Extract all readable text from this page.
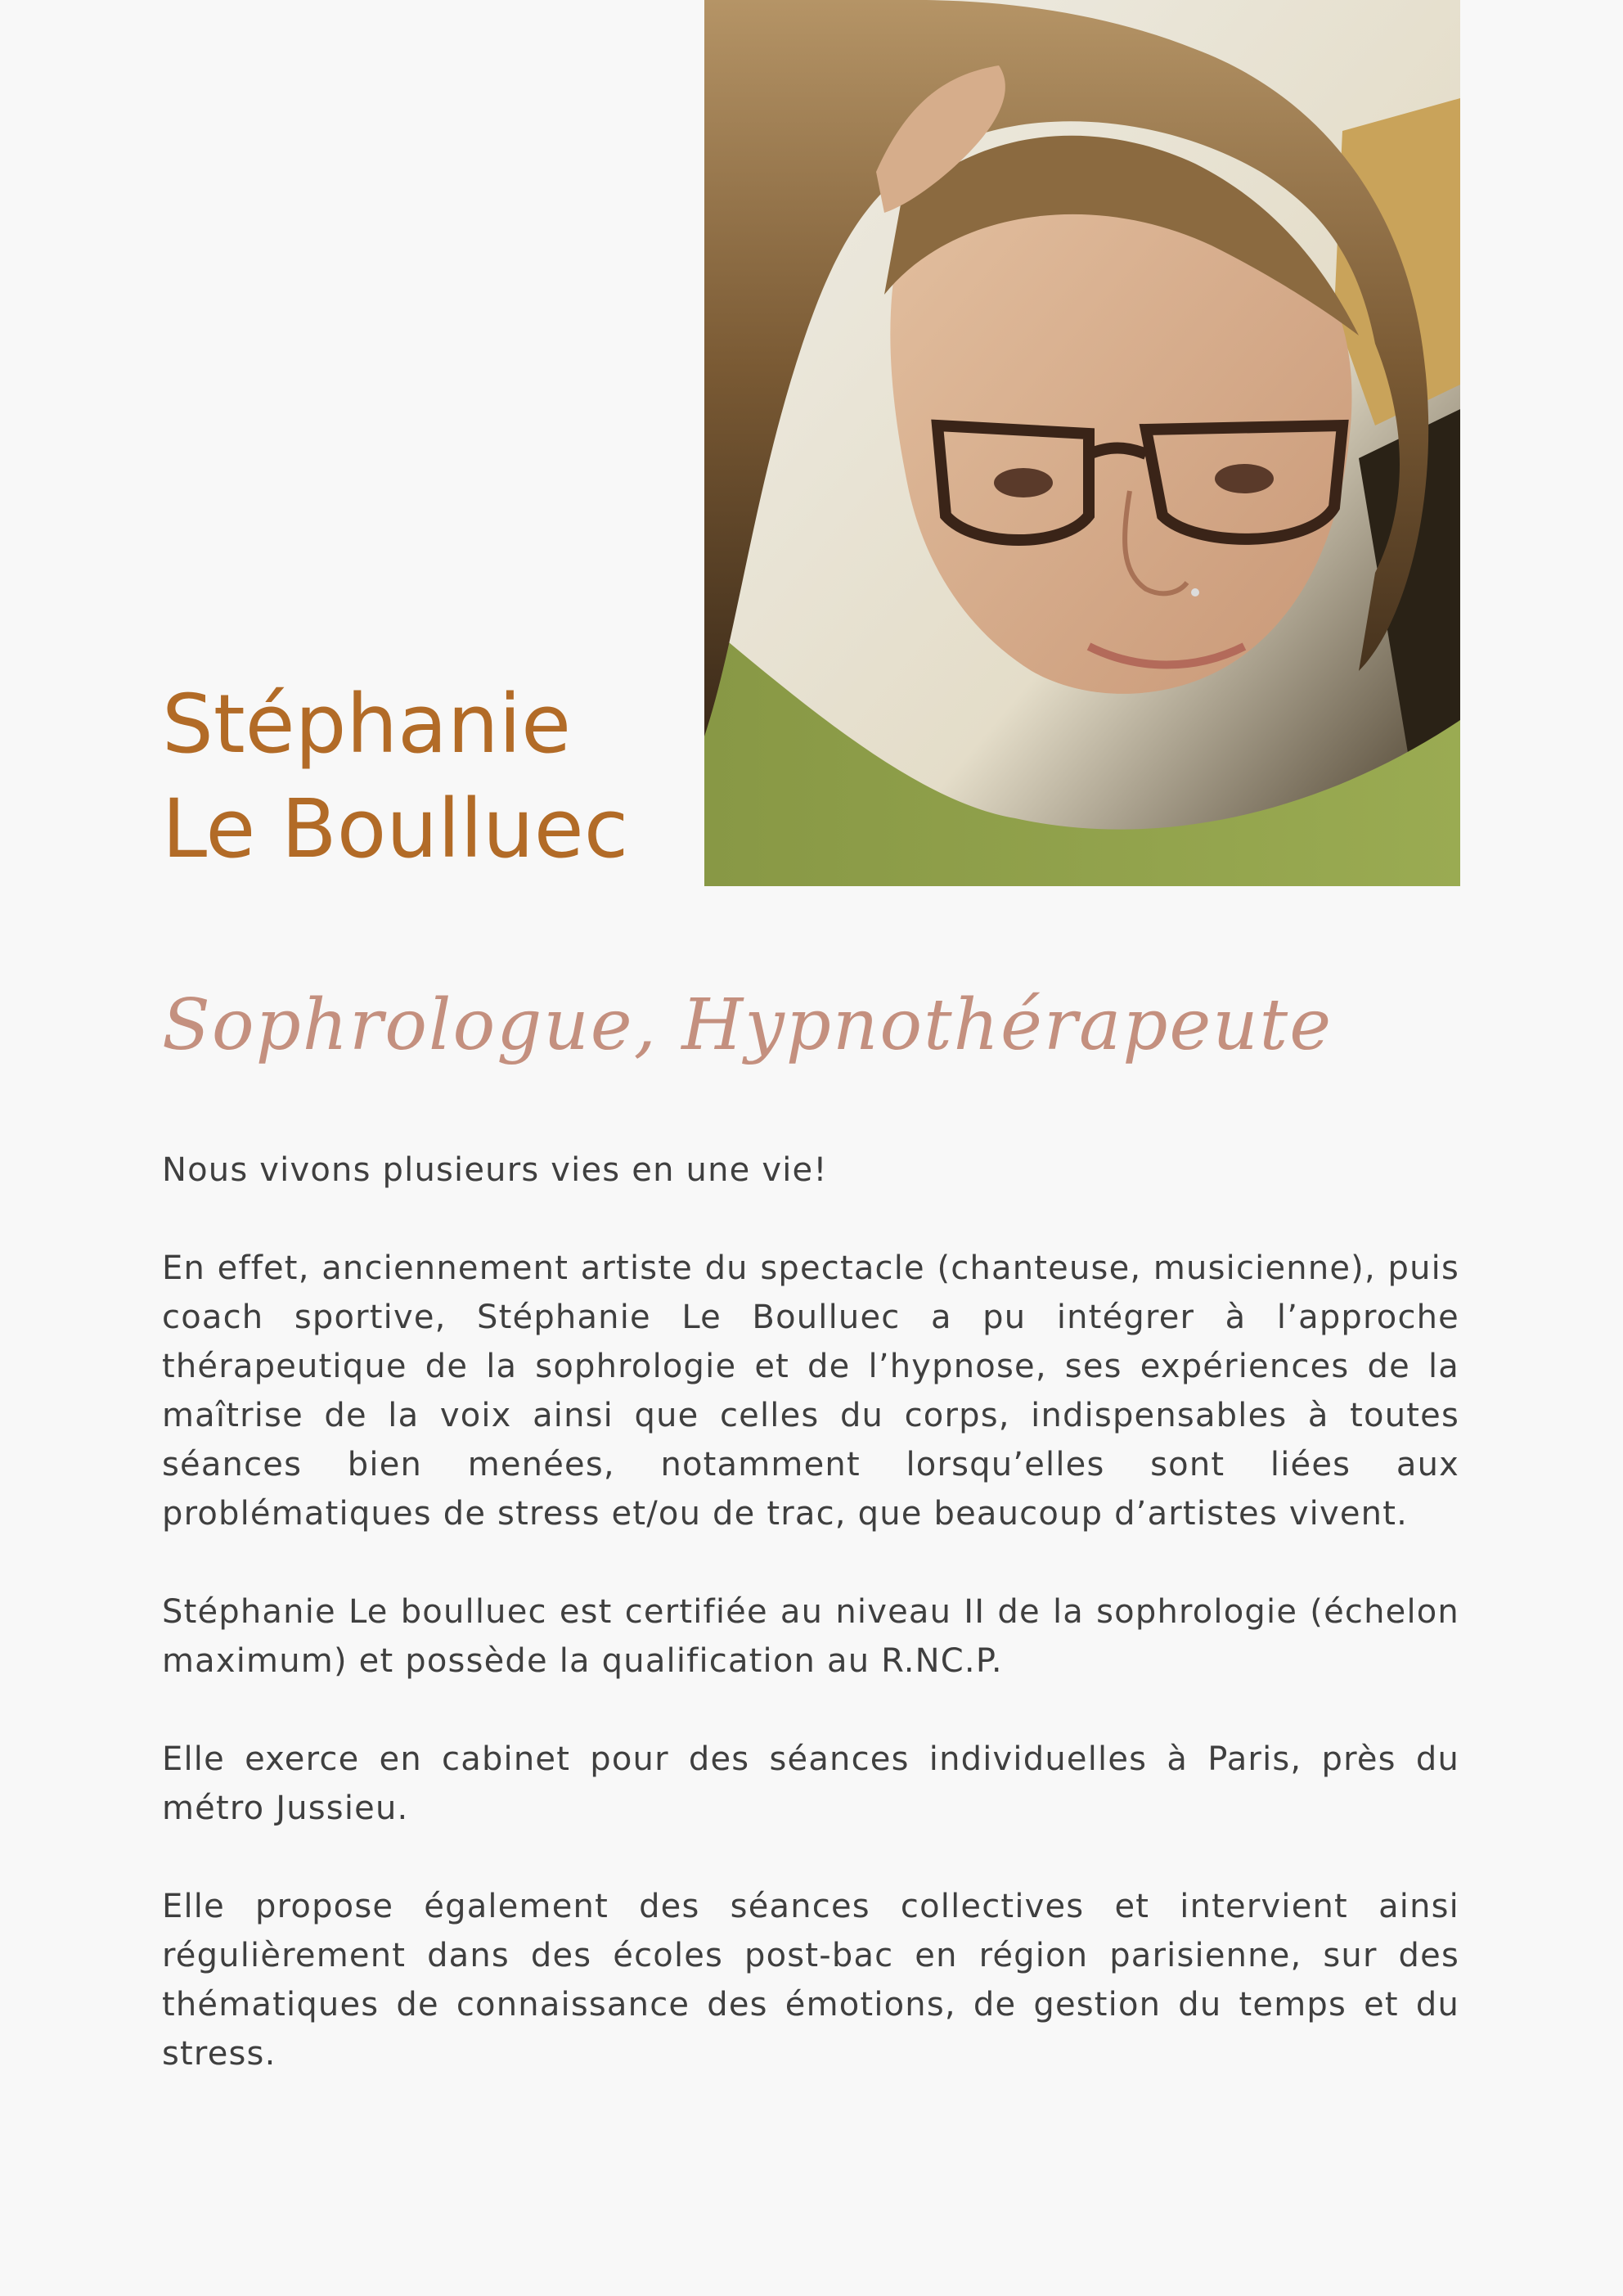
Stéphanie
Le Boulluec
Sophrologue, Hypnothérapeute

Nous vivons plusieurs vies en une vie!

En effet, anciennement artiste du spectacle (chanteuse, musicienne), puis coach sportive, Stéphanie Le Boulluec a pu intégrer à l’approche thérapeutique de la sophrologie et de l’hypnose, ses expériences de la maîtrise de la voix ainsi que celles du corps, indispensables à toutes séances bien menées, notamment lorsqu’elles sont liées aux problématiques de stress et/ou de trac, que beaucoup d’artistes vivent.

Stéphanie Le boulluec est certifiée au niveau II de la sophrologie (échelon maximum) et possède la qualification au R.NC.P.

Elle exerce en cabinet pour des séances individuelles à Paris, près du métro Jussieu.

Elle propose également des séances collectives et intervient ainsi régulièrement dans des écoles post-bac en région parisienne, sur des thématiques de connaissance des émotions, de gestion du temps et du stress.
